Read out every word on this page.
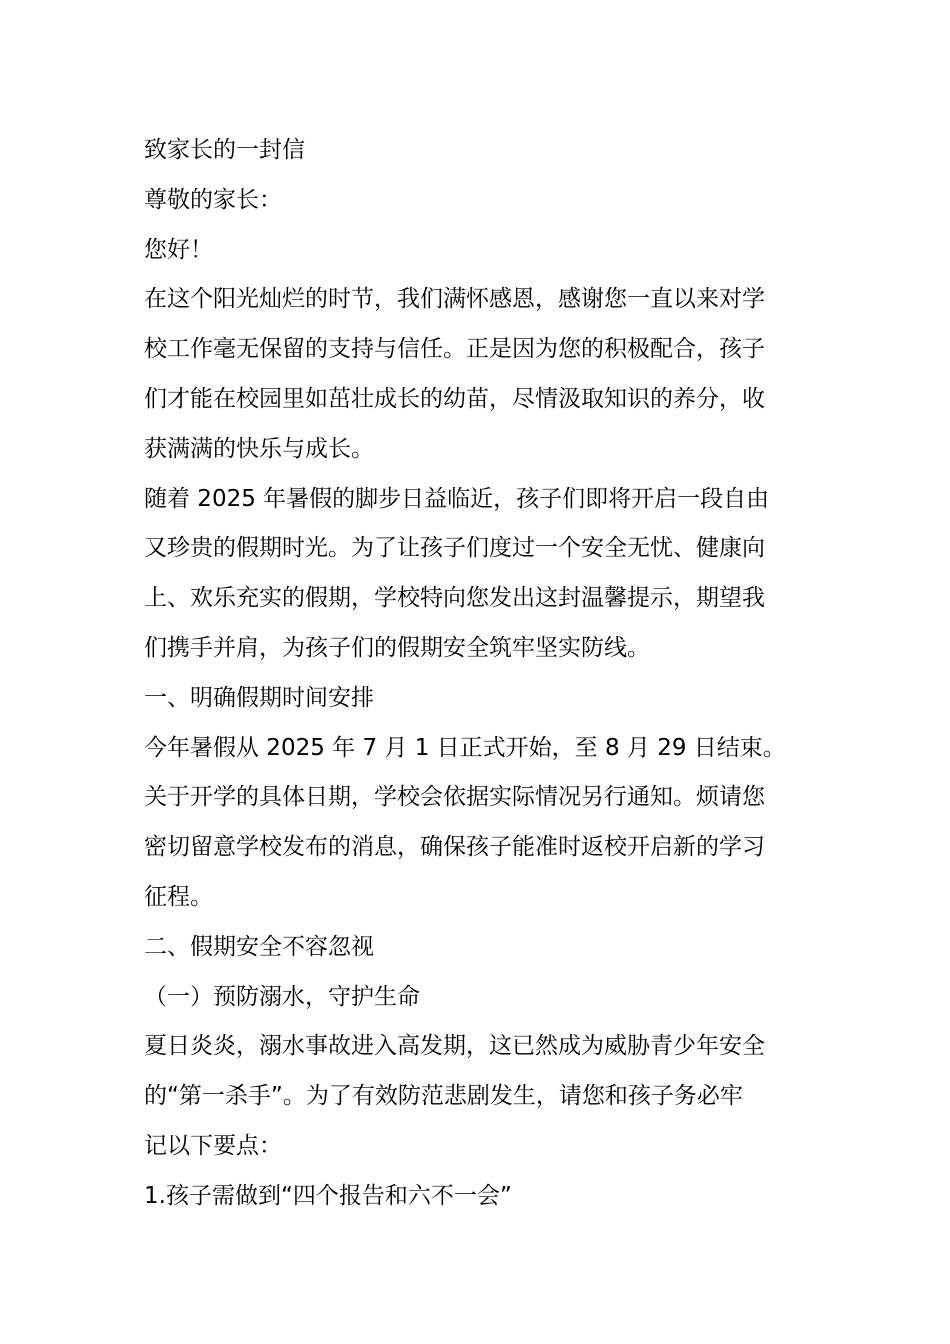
致家长的一封信
尊敬的家长：
您好！
在这个阳光灿烂的时节，我们满怀感恩，感谢您一直以来对学
校工作毫无保留的支持与信任。正是因为您的积极配合，孩子
们才能在校园里如茁壮成长的幼苗，尽情汲取知识的养分，收
获满满的快乐与成长。
随着 2025 年暑假的脚步日益临近，孩子们即将开启一段自由
又珍贵的假期时光。为了让孩子们度过一个安全无忧、健康向
上、欢乐充实的假期，学校特向您发出这封温馨提示，期望我
们携手并肩，为孩子们的假期安全筑牢坚实防线。
一、明确假期时间安排
今年暑假从 2025 年 7 月 1 日正式开始，至 8 月 29 日结束。
关于开学的具体日期，学校会依据实际情况另行通知。烦请您
密切留意学校发布的消息，确保孩子能准时返校开启新的学习
征程。
二、假期安全不容忽视
（一）预防溺水，守护生命
夏日炎炎，溺水事故进入高发期，这已然成为威胁青少年安全
的“第一杀手”。为了有效防范悲剧发生，请您和孩子务必牢
记以下要点：
1.孩子需做到“四个报告和六不一会”
